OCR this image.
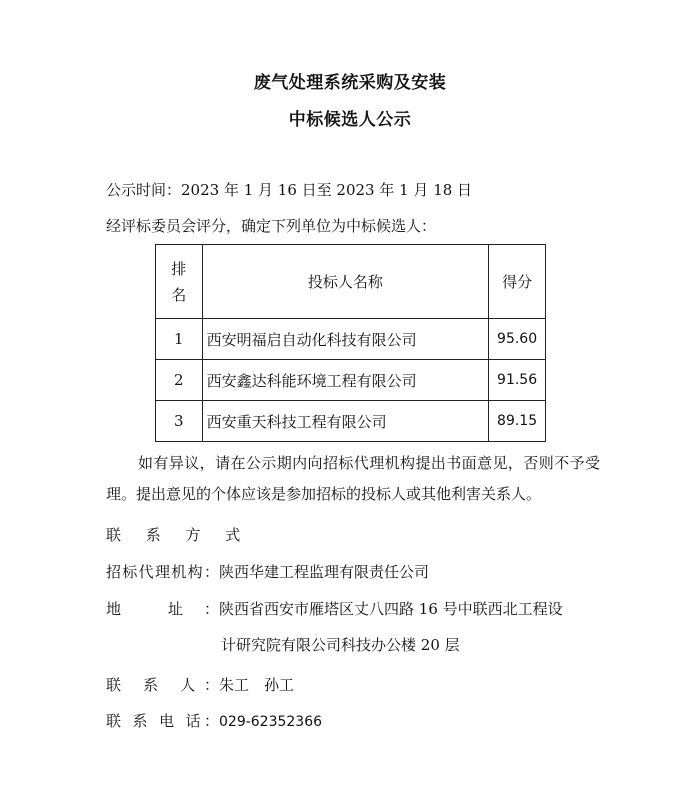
废气处理系统采购及安装
中标候选人公示
公示时间：2023 年 1 月 16 日至 2023 年 1 月 18 日
经评标委员会评分，确定下列单位为中标候选人：
排名	投标人名称	得分
1	西安明福启自动化科技有限公司	95.60
2	西安鑫达科能环境工程有限公司	91.56
3	西安重天科技工程有限公司	89.15
如有异议，请在公示期内向招标代理机构提出书面意见，否则不予受理。提出意见的个体应该是参加招标的投标人或其他利害关系人。
联 系 方 式
招标代理机构：陕西华建工程监理有限责任公司
地 址：陕西省西安市雁塔区丈八四路 16 号中联西北工程设
计研究院有限公司科技办公楼 20 层
联 系 人：朱工　孙工
联 系 电 话：029-62352366
